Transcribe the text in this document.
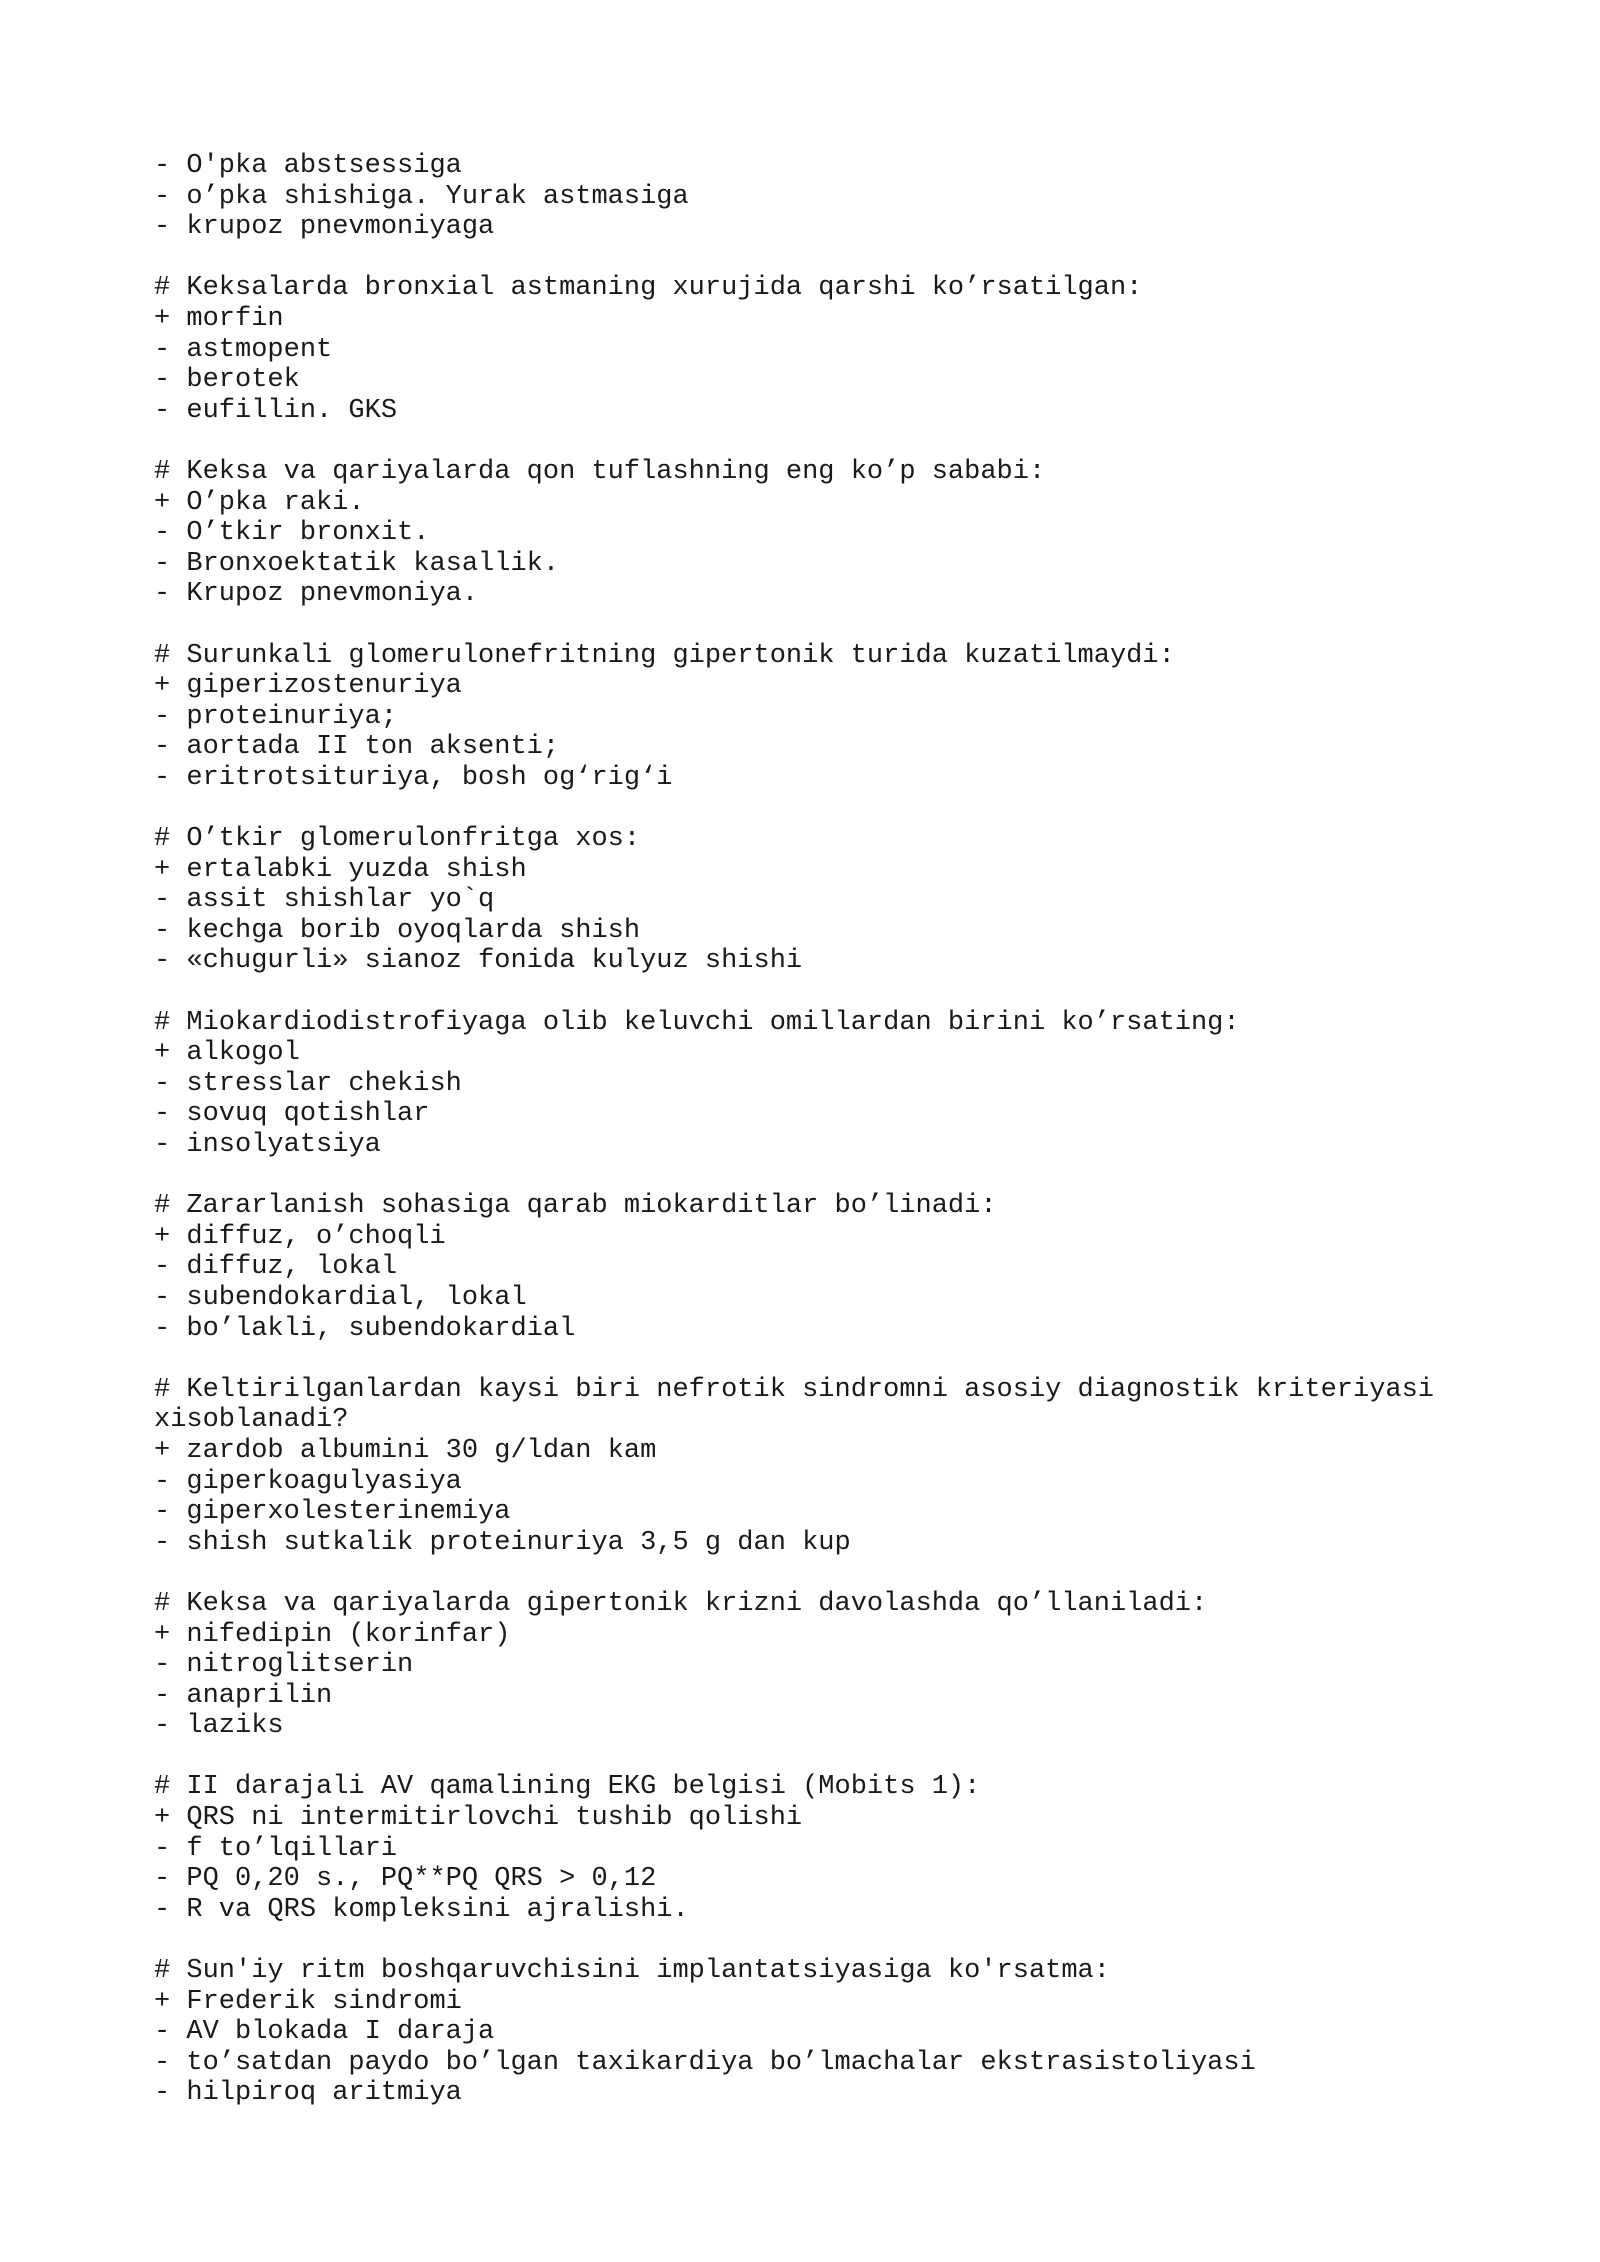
- O'pka abstsessiga
- o’pka shishiga. Yurak astmasiga
- krupoz pnevmoniyaga
# Keksalarda bronxial astmaning xurujida qarshi ko’rsatilgan:
+ morfin
- astmopent
- berotek
- eufillin. GKS
# Keksa va qariyalarda qon tuflashning eng ko’p sababi:
+ O’pka raki.
- O’tkir bronxit.
- Bronxoektatik kasallik.
- Krupoz pnevmoniya.
# Surunkali glomerulonefritning gipertonik turida kuzatilmaydi:
+ giperizostenuriya
- proteinuriya;
- aortada II ton aksenti;
- eritrotsituriya, bosh og‘rig‘i
# O’tkir glomerulonfritga xos:
+ ertalabki yuzda shish
- assit shishlar yo`q
- kechga borib oyoqlarda shish
- «chugurli» sianoz fonida kulyuz shishi
# Miokardiodistrofiyaga olib keluvchi omillardan birini ko’rsating:
+ alkogol
- stresslar chekish
- sovuq qotishlar
- insolyatsiya
# Zararlanish sohasiga qarab miokarditlar bo’linadi:
+ diffuz, o’choqli
- diffuz, lokal
- subendokardial, lokal
- bo’lakli, subendokardial
# Keltirilganlardan kaysi biri nefrotik sindromni asosiy diagnostik kriteriyasi
xisoblanadi?
+ zardob albumini 30 g/ldan kam
- giperkoagulyasiya
- giperxolesterinemiya
- shish sutkalik proteinuriya 3,5 g dan kup
# Keksa va qariyalarda gipertonik krizni davolashda qo’llaniladi:
+ nifedipin (korinfar)
- nitroglitserin
- anaprilin
- laziks
# II darajali AV qamalining EKG belgisi (Mobits 1):
+ QRS ni intermitirlovchi tushib qolishi
- f to’lqillari
- PQ 0,20 s., PQ**PQ QRS > 0,12
- R va QRS kompleksini ajralishi.
# Sun'iy ritm boshqaruvchisini implantatsiyasiga ko'rsatma:
+ Frederik sindromi
- AV blokada I daraja
- to’satdan paydo bo’lgan taxikardiya bo’lmachalar ekstrasistoliyasi
- hilpiroq aritmiya
